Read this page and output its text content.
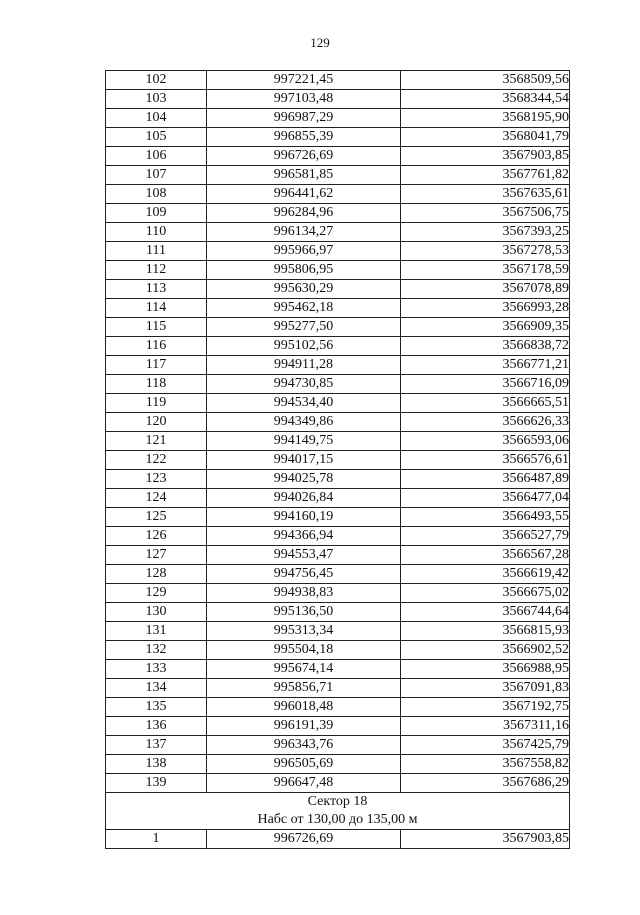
129
102	997221,45	3568509,56
103	997103,48	3568344,54
104	996987,29	3568195,90
105	996855,39	3568041,79
106	996726,69	3567903,85
107	996581,85	3567761,82
108	996441,62	3567635,61
109	996284,96	3567506,75
110	996134,27	3567393,25
111	995966,97	3567278,53
112	995806,95	3567178,59
113	995630,29	3567078,89
114	995462,18	3566993,28
115	995277,50	3566909,35
116	995102,56	3566838,72
117	994911,28	3566771,21
118	994730,85	3566716,09
119	994534,40	3566665,51
120	994349,86	3566626,33
121	994149,75	3566593,06
122	994017,15	3566576,61
123	994025,78	3566487,89
124	994026,84	3566477,04
125	994160,19	3566493,55
126	994366,94	3566527,79
127	994553,47	3566567,28
128	994756,45	3566619,42
129	994938,83	3566675,02
130	995136,50	3566744,64
131	995313,34	3566815,93
132	995504,18	3566902,52
133	995674,14	3566988,95
134	995856,71	3567091,83
135	996018,48	3567192,75
136	996191,39	3567311,16
137	996343,76	3567425,79
138	996505,69	3567558,82
139	996647,48	3567686,29

Сектор 18
Набс от 130,00 до 135,00 м		

1	996726,69	3567903,85
